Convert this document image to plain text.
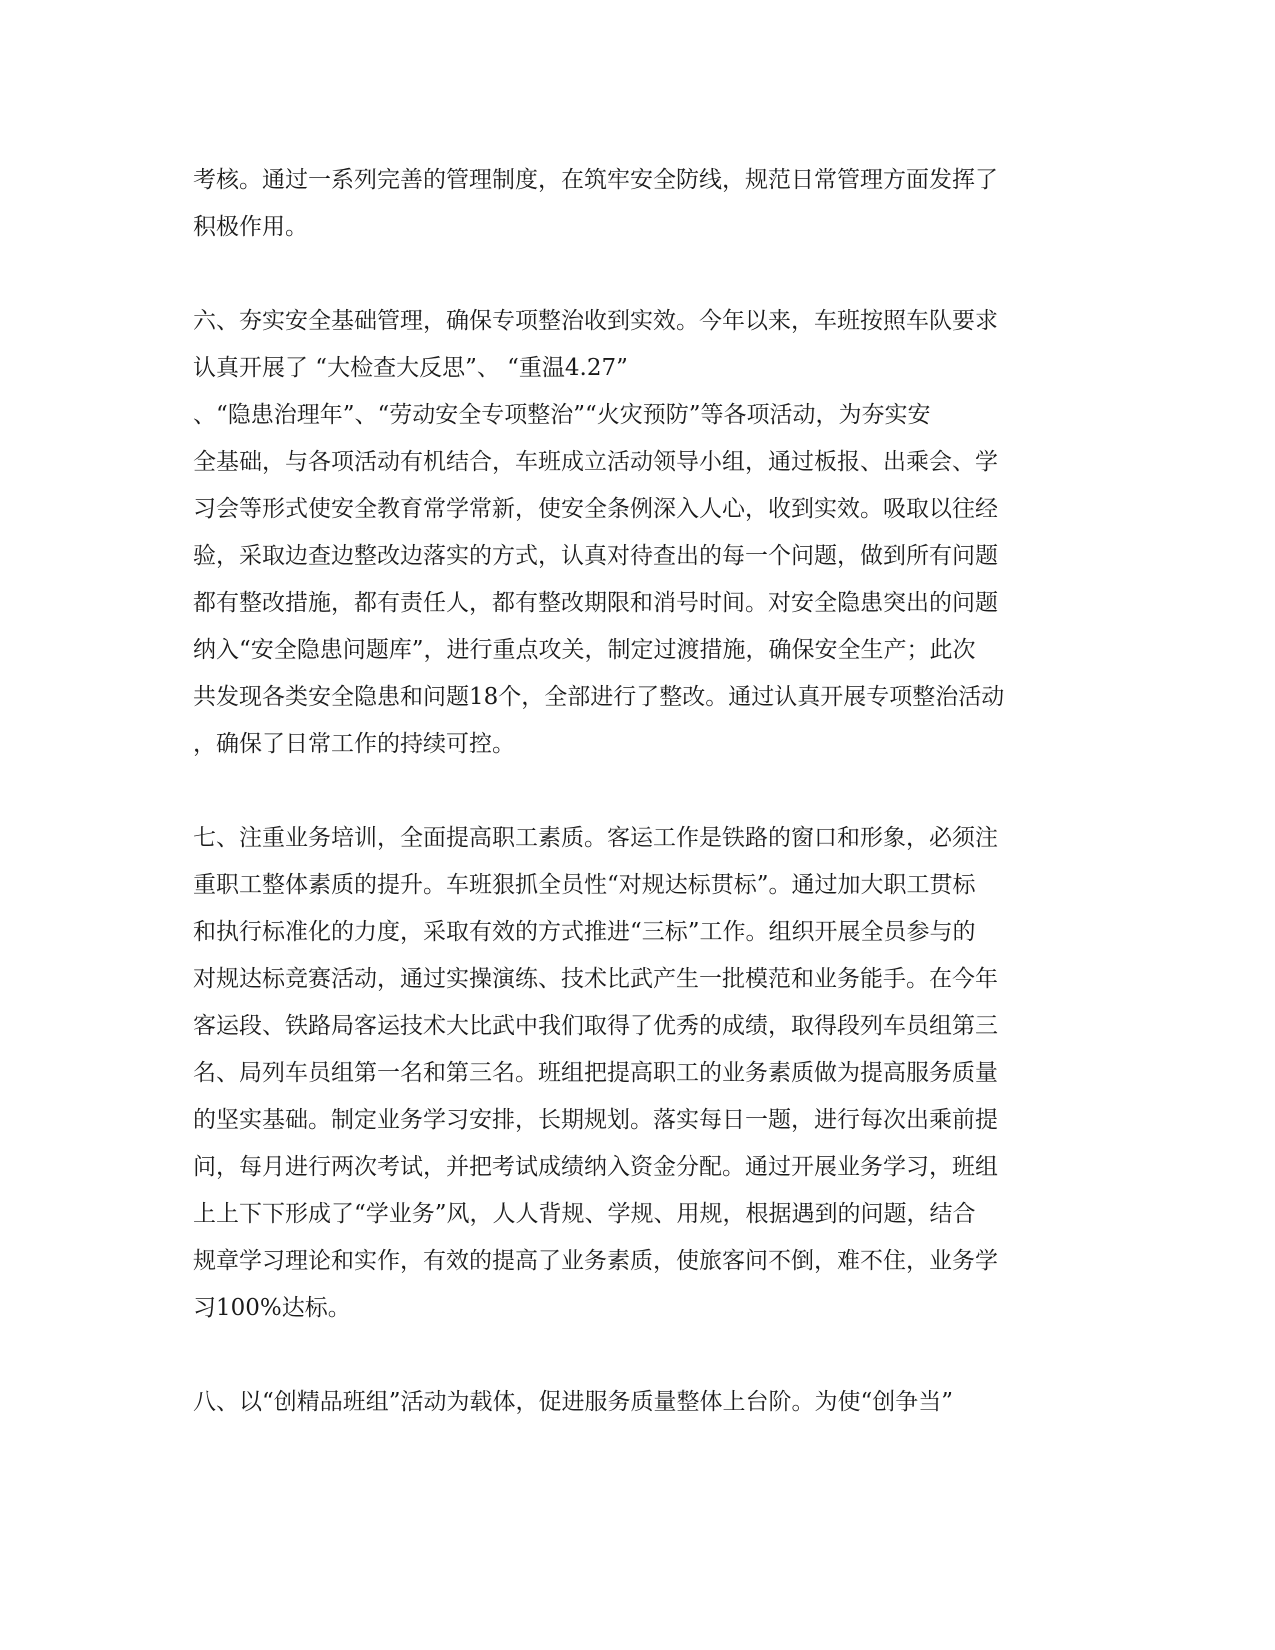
考核。通过一系列完善的管理制度，在筑牢安全防线，规范日常管理方面发挥了
积极作用。
六、夯实安全基础管理，确保专项整治收到实效。今年以来，车班按照车队要求
认真开展了 “大检查大反思”、 “重温4.27”
、“隐患治理年”、“劳动安全专项整治”“火灾预防”等各项活动，为夯实安
全基础，与各项活动有机结合，车班成立活动领导小组，通过板报、出乘会、学
习会等形式使安全教育常学常新，使安全条例深入人心，收到实效。吸取以往经
验，采取边查边整改边落实的方式，认真对待查出的每一个问题，做到所有问题
都有整改措施，都有责任人，都有整改期限和消号时间。对安全隐患突出的问题
纳入“安全隐患问题库”，进行重点攻关，制定过渡措施，确保安全生产；此次
共发现各类安全隐患和问题18个，全部进行了整改。通过认真开展专项整治活动
，确保了日常工作的持续可控。
七、注重业务培训，全面提高职工素质。客运工作是铁路的窗口和形象，必须注
重职工整体素质的提升。车班狠抓全员性“对规达标贯标”。通过加大职工贯标
和执行标准化的力度，采取有效的方式推进“三标”工作。组织开展全员参与的
对规达标竞赛活动，通过实操演练、技术比武产生一批模范和业务能手。在今年
客运段、铁路局客运技术大比武中我们取得了优秀的成绩，取得段列车员组第三
名、局列车员组第一名和第三名。班组把提高职工的业务素质做为提高服务质量
的坚实基础。制定业务学习安排，长期规划。落实每日一题，进行每次出乘前提
问，每月进行两次考试，并把考试成绩纳入资金分配。通过开展业务学习，班组
上上下下形成了“学业务”风，人人背规、学规、用规，根据遇到的问题，结合
规章学习理论和实作，有效的提高了业务素质，使旅客问不倒，难不住，业务学
习100%达标。
八、以“创精品班组”活动为载体，促进服务质量整体上台阶。为使“创争当”
